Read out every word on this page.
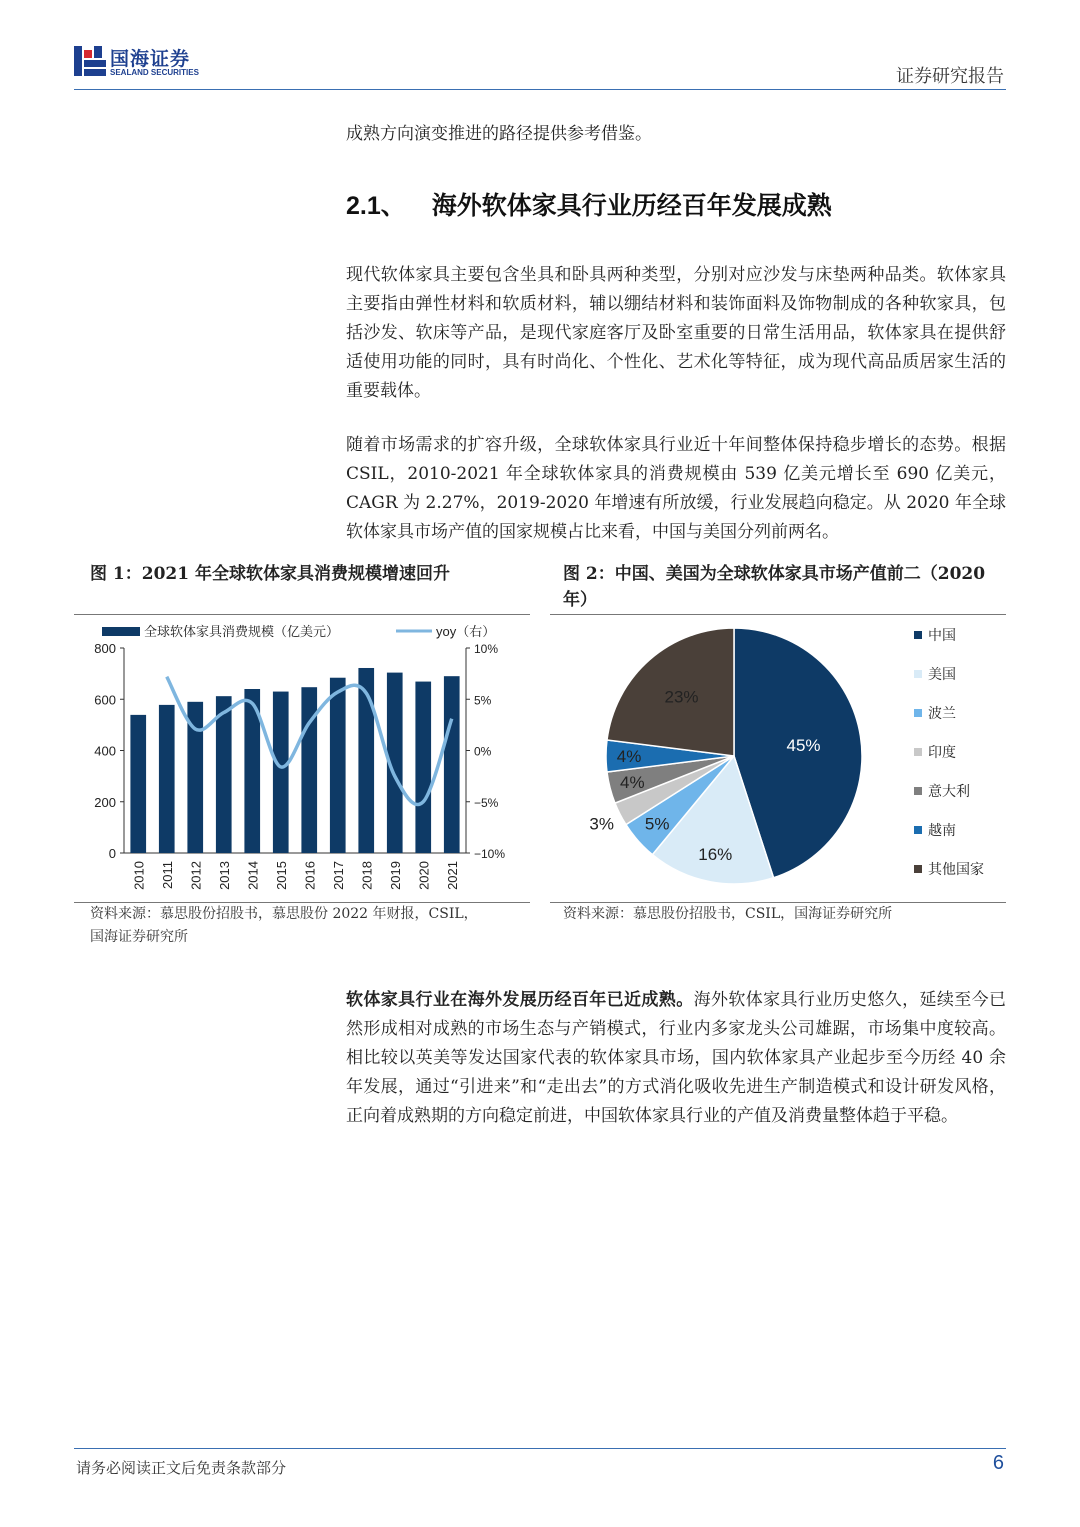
国海证券
SEALAND SECURITIES	证券研究报告
成熟方向演变推进的路径提供参考借鉴。
2.1、 海外软体家具行业历经百年发展成熟

现代软体家具主要包含坐具和卧具两种类型，分别对应沙发与床垫两种品类。软体家具主要指由弹性材料和软质材料，辅以绷结材料和装饰面料及饰物制成的各种软家具，包括沙发、软床等产品，是现代家庭客厅及卧室重要的日常生活用品，软体家具在提供舒适使用功能的同时，具有时尚化、个性化、艺术化等特征，成为现代高品质居家生活的重要载体。

随着市场需求的扩容升级，全球软体家具行业近十年间整体保持稳步增长的态势。根据 CSIL，2010-2021 年全球软体家具的消费规模由 539 亿美元增长至 690 亿美元，CAGR 为 2.27%，2019-2020 年增速有所放缓，行业发展趋向稳定。从 2020 年全球软体家具市场产值的国家规模占比来看，中国与美国分列前两名。

图 1：2021 年全球软体家具消费规模增速回升
全球软体家具消费规模（亿美元）	yoy（右）
0
200
400
600
800
−10%
−5%
0%
5%
10%
2010 2011 2012 2013 2014 2015 2016 2017 2018 2019 2020 2021
资料来源：慕思股份招股书，慕思股份 2022 年财报，CSIL，
国海证券研究所
图 2：中国、美国为全球软体家具市场产值前二（2020
年）
45%
16%
5%
3%
4%
4%
23%
中国
美国
波兰
印度
意大利
越南
其他国家
资料来源：慕思股份招股书，CSIL，国海证券研究所

软体家具行业在海外发展历经百年已近成熟。海外软体家具行业历史悠久，延续至今已然形成相对成熟的市场生态与产销模式，行业内多家龙头公司雄踞，市场集中度较高。相比较以英美等发达国家代表的软体家具市场，国内软体家具产业起步至今历经 40 余年发展，通过“引进来”和“走出去”的方式消化吸收先进生产制造模式和设计研发风格，正向着成熟期的方向稳定前进，中国软体家具行业的产值及消费量整体趋于平稳。

请务必阅读正文后免责条款部分	6
